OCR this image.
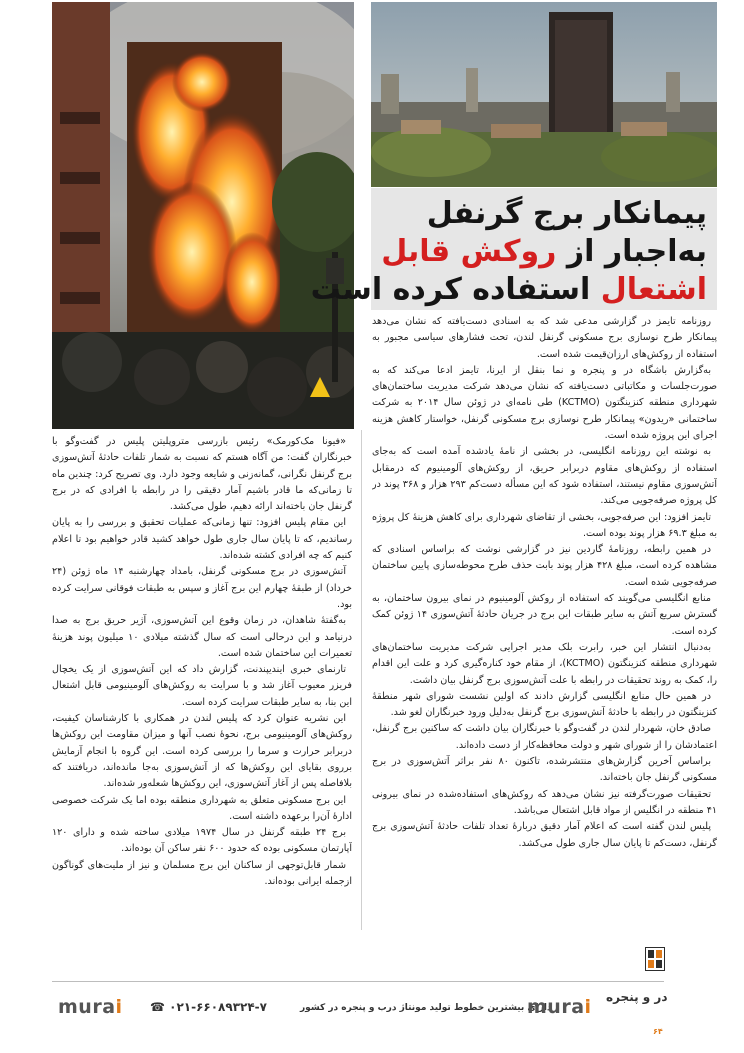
پیمانکار برج گرنفل
به‌اجبار از روکش قابل
اشتعال استفاده کرده است

روزنامه تایمز در گزارشی مدعی شد که به اسنادی دست‌یافته که نشان می‌دهد پیمانکار طرح نوسازی برج مسکونی گرنفل لندن، تحت فشارهای سیاسی مجبور به استفاده از روکش‌های ارزان‌قیمت شده است.

به‌گزارش باشگاه در و پنجره و نما بنقل از ایرنا، تایمز ادعا می‌کند که به صورت‌جلسات و مکاتباتی دست‌یافته که نشان می‌دهد شرکت مدیریت ساختمان‌های شهرداری منطقه کنزینگتون (KCTMO) طی نامه‌ای در ژوئن سال ۲۰۱۴ به شرکت ساختمانی «ریدون» پیمانکار طرح نوسازی برج مسکونی گرنفل، خواستار کاهش هزینه اجرای این پروژه شده است.

به نوشته این روزنامه انگلیسی، در بخشی از نامهٔ یادشده آمده است که به‌جای استفاده از روکش‌های مقاوم دربرابر حریق، از روکش‌های آلومینیوم که درمقابل آتش‌سوزی مقاوم نیستند، استفاده شود که این مسأله دست‌کم ۲۹۳ هزار و ۳۶۸ پوند در کل پروژه صرفه‌جویی می‌کند.

تایمز افزود: این صرفه‌جویی، بخشی از تقاضای شهرداری برای کاهش هزینهٔ کل پروژه به مبلغ ۶۹.۳ هزار پوند بوده است.

در همین رابطه، روزنامهٔ گاردین نیز در گزارشی نوشت که براساس اسنادی که مشاهده کرده است، مبلغ ۴۲۸ هزار پوند بابت حذف طرح محوطه‌سازی پایین ساختمان صرفه‌جویی شده است.

منابع انگلیسی می‌گویند که استفاده از روکش آلومینیوم در نمای بیرون ساختمان، به گسترش سریع آتش به سایر طبقات این برج در جریان حادثهٔ آتش‌سوزی ۱۴ ژوئن کمک کرده است.

به‌دنبال انتشار این خبر، رابرت بلک مدیر اجرایی شرکت مدیریت ساختمان‌های شهرداری منطقه کنزینگتون (KCTMO)، از مقام خود کناره‌گیری کرد و علت این اقدام را، کمک به روند تحقیقات در رابطه با علت آتش‌سوزی برج گرنفل بیان داشت.

در همین حال منابع انگلیسی گزارش دادند که اولین نشست شورای شهر منطقهٔ کنزینگتون در رابطه با حادثهٔ آتش‌سوزی برج گرنفل به‌دلیل ورود خبرنگاران لغو شد.

صادق خان، شهردار لندن در گفت‌وگو با خبرنگاران بیان داشت که ساکنین برج گرنفل، اعتمادشان را از شورای شهر و دولت محافظه‌کار از دست داده‌اند.

براساس آخرین گزارش‌های منتشرشده، تاکنون ۸۰ نفر براثر آتش‌سوزی در برج مسکونی گرنفل جان باخته‌اند.

تحقیقات صورت‌گرفته نیز نشان می‌دهد که روکش‌های استفاده‌شده در نمای بیرونی ۴۱ منطقه در انگلیس از مواد قابل اشتعال می‌باشد.

پلیس لندن گفته است که اعلام آمار دقیق دربارهٔ تعداد تلفات حادثهٔ آتش‌سوزی برج گرنفل، دست‌کم تا پایان سال جاری طول می‌کشد.

«فیونا مک‌کورمک» رئیس بازرسی متروپلیتن پلیس در گفت‌وگو با خبرنگاران گفت: من آگاه هستم که نسبت به شمار تلفات حادثهٔ آتش‌سوزی برج گرنفل نگرانی، گمانه‌زنی و شایعه وجود دارد. وی تصریح کرد: چندین ماه تا زمانی‌که ما قادر باشیم آمار دقیقی را در رابطه با افرادی که در برج گرنفل جان باخته‌اند ارائه دهیم، طول می‌کشد.

این مقام پلیس افزود: تنها زمانی‌که عملیات تحقیق و بررسی را به پایان رساندیم، که تا پایان سال جاری طول خواهد کشید قادر خواهیم بود تا اعلام کنیم که چه افرادی کشته شده‌اند.

آتش‌سوزی در برج مسکونی گرنفل، بامداد چهارشنبه ۱۴ ماه ژوئن (۲۴ خرداد) از طبقهٔ چهارم این برج آغاز و سپس به طبقات فوقانی سرایت کرده بود.

به‌گفتهٔ شاهدان، در زمان وقوع این آتش‌سوزی، آژیر حریق برج به صدا درنیامد و این درحالی است که سال گذشته میلادی ۱۰ میلیون پوند هزینهٔ تعمیرات این ساختمان شده است.

تارنمای خبری ایندیپندنت، گزارش داد که این آتش‌سوزی از یک یخچال فریزر معیوب آغاز شد و با سرایت به روکش‌های آلومینیومی قابل اشتعال این بنا، به سایر طبقات سرایت کرده است.

این نشریه عنوان کرد که پلیس لندن در همکاری با کارشناسان کیفیت، روکش‌های آلومینیومی برج، نحوهٔ نصب آنها و میزان مقاومت این روکش‌ها دربرابر حرارت و سرما را بررسی کرده است. این گروه با انجام آزمایش برروی بقایای این روکش‌ها که از آتش‌سوزی به‌جا مانده‌اند، دریافتند که بلافاصله پس از آغاز آتش‌سوزی، این روکش‌ها شعله‌ور شده‌اند.

این برج مسکونی متعلق به شهرداری منطقه بوده اما یک شرکت خصوصی ادارهٔ آن‌را برعهده داشته است.

برج ۲۴ طبقه گرنفل در سال ۱۹۷۴ میلادی ساخته شده و دارای ۱۲۰ آپارتمان مسکونی بوده که حدود ۶۰۰ نفر ساکن آن بوده‌اند.

شمار قابل‌توجهی از ساکنان این برج مسلمان و نیز از ملیت‌های گوناگون ازجمله ایرانی بوده‌اند.

murai ☎ ۰۲۱-۶۶۰۸۹۳۲۴-۷	دارای بیشترین خطوط تولید مونتاژ درب و پنجره در کشور
murai در و پنجره
۶۴
